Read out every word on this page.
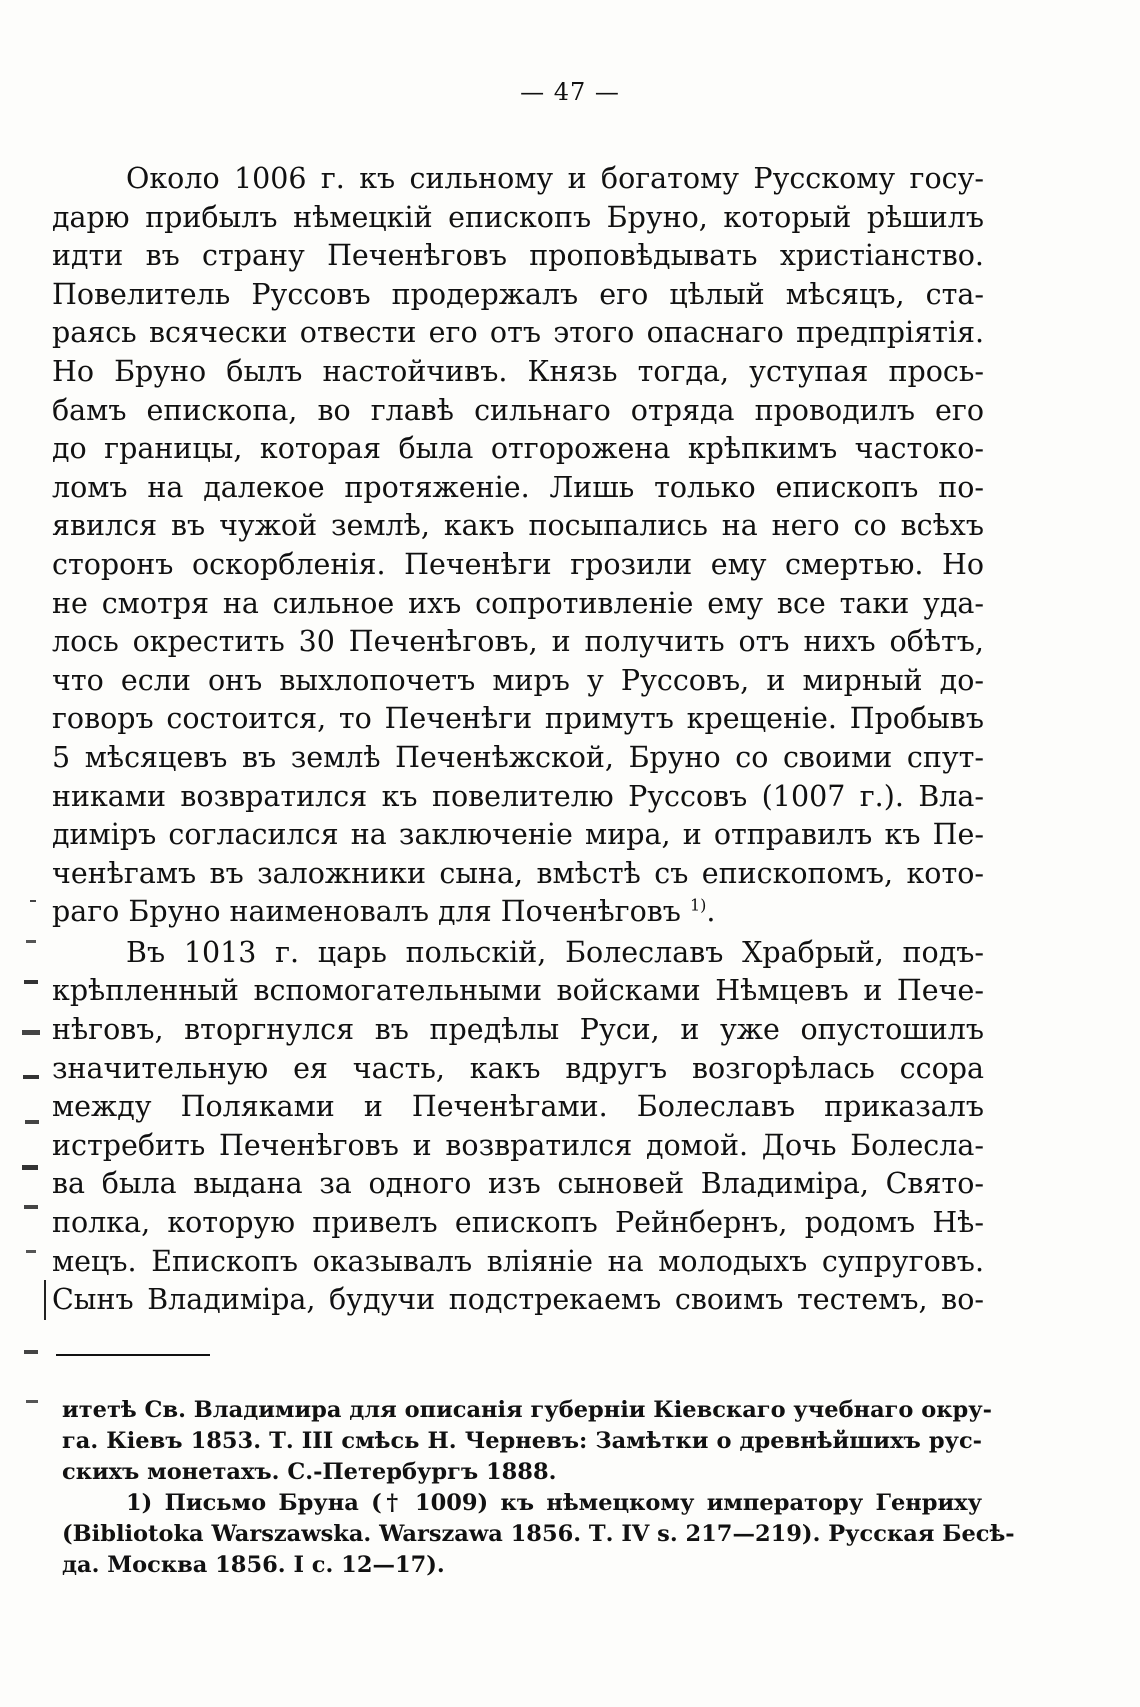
— 47 —
Около 1006 г. къ сильному и богатому Русскому госу-
дарю прибылъ нѣмецкій епископъ Бруно, который рѣшилъ
идти въ страну Печенѣговъ проповѣдывать христіанство.
Повелитель Руссовъ продержалъ его цѣлый мѣсяцъ, ста-
раясь всячески отвести его отъ этого опаснаго предпріятія.
Но Бруно былъ настойчивъ. Князь тогда, уступая прось-
бамъ епископа, во главѣ сильнаго отряда проводилъ его
до границы, которая была отгорожена крѣпкимъ частоко-
ломъ на далекое протяженіе. Лишь только епископъ по-
явился въ чужой землѣ, какъ посыпались на него со всѣхъ
сторонъ оскорбленія. Печенѣги грозили ему смертью. Но
не смотря на сильное ихъ сопротивленіе ему все таки уда-
лось окрестить 30 Печенѣговъ, и получить отъ нихъ обѣтъ,
что если онъ выхлопочетъ миръ у Руссовъ, и мирный до-
говоръ состоится, то Печенѣги примутъ крещеніе. Пробывъ
5 мѣсяцевъ въ землѣ Печенѣжской, Бруно со своими спут-
никами возвратился къ повелителю Руссовъ (1007 г.). Вла-
диміръ согласился на заключеніе мира, и отправилъ къ Пе-
ченѣгамъ въ заложники сына, вмѣстѣ съ епископомъ, кото-
раго Бруно наименовалъ для Почeнѣговъ $^{1)}$.
Въ 1013 г. царь польскій, Болеславъ Храбрый, подъ-
крѣпленный вспомогательными войсками Нѣмцевъ и Пече-
нѣговъ, вторгнулся въ предѣлы Руси, и уже опустошилъ
значительную ея часть, какъ вдругъ возгорѣлась ссора
между Поляками и Печенѣгами. Болеславъ приказалъ
истребить Печенѣговъ и возвратился домой. Дочь Болесла-
ва была выдана за одного изъ сыновей Владиміра, Свято-
полка, которую привелъ епископъ Рейнбернъ, родомъ Нѣ-
мецъ. Епископъ оказывалъ вліяніе на молодыхъ супруговъ.
Сынъ Владиміра, будучи подстрекаемъ своимъ тестемъ, во-
итетѣ Св. Владимира для описанія губерніи Кіевскаго учебнаго окру-
га. Кіевъ 1853. Т. III смѣсь Н. Черневъ: Замѣтки о древнѣйшихъ рус-
скихъ монетахъ. С.-Петербургъ 1888.
1) Письмо Бруна († 1009) къ нѣмецкому императору Генриху
(Bibliotoka Warszawska. Warszawa 1856. Т. IV s. 217—219). Русская Бесѣ-
да. Москва 1856. I c. 12—17).
